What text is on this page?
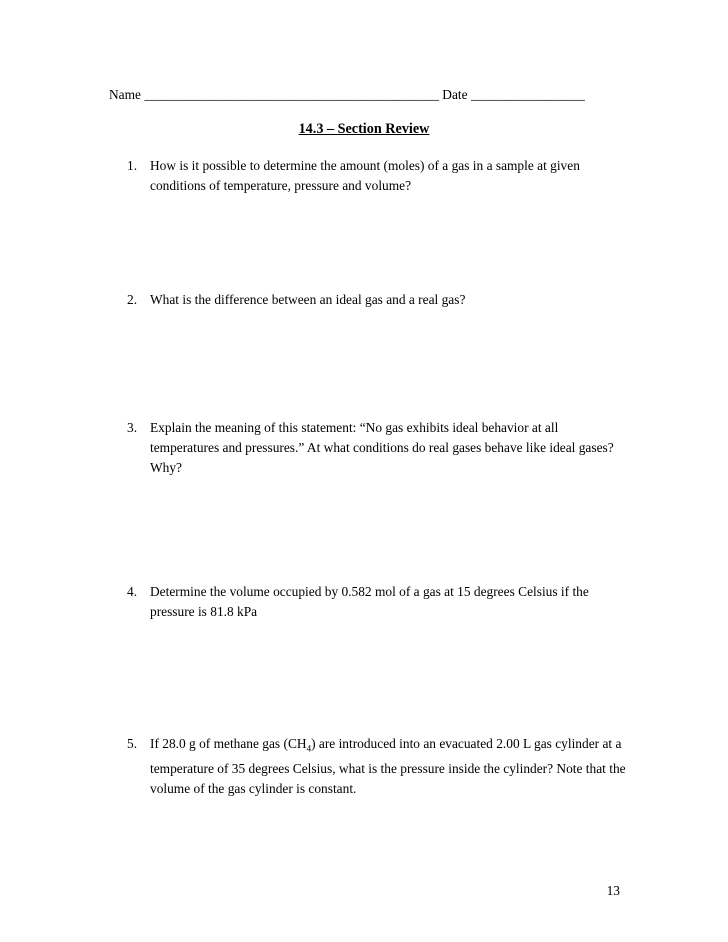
Name ____________________________________________ Date _________________
14.3 – Section Review
1. How is it possible to determine the amount (moles) of a gas in a sample at given conditions of temperature, pressure and volume?
2. What is the difference between an ideal gas and a real gas?
3. Explain the meaning of this statement: “No gas exhibits ideal behavior at all temperatures and pressures.” At what conditions do real gases behave like ideal gases? Why?
4. Determine the volume occupied by 0.582 mol of a gas at 15 degrees Celsius if the pressure is 81.8 kPa
5. If 28.0 g of methane gas $(CH_4)$ are introduced into an evacuated 2.00 L gas cylinder at a temperature of 35 degrees Celsius, what is the pressure inside the cylinder? Note that the volume of the gas cylinder is constant.
13
